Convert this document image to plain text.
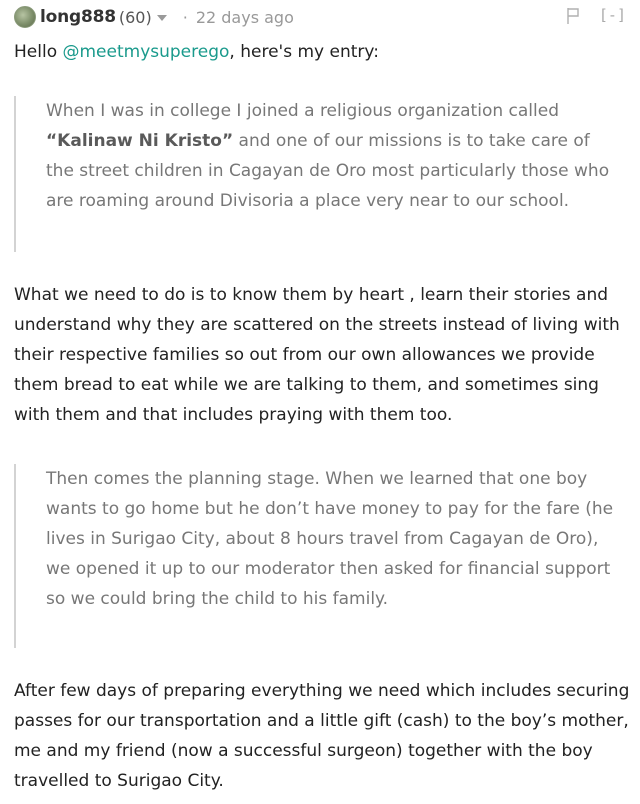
long888 (60) · 22 days ago	[-]

Hello @meetmysuperego, here's my entry:

When I was in college I joined a religious organization called “Kalinaw Ni Kristo” and one of our missions is to take care of the street children in Cagayan de Oro most particularly those who are roaming around Divisoria a place very near to our school.

What we need to do is to know them by heart , learn their stories and understand why they are scattered on the streets instead of living with their respective families so out from our own allowances we provide them bread to eat while we are talking to them, and sometimes sing with them and that includes praying with them too.

Then comes the planning stage. When we learned that one boy wants to go home but he don’t have money to pay for the fare (he lives in Surigao City, about 8 hours travel from Cagayan de Oro), we opened it up to our moderator then asked for financial support so we could bring the child to his family.

After few days of preparing everything we need which includes securing passes for our transportation and a little gift (cash) to the boy’s mother, me and my friend (now a successful surgeon) together with the boy travelled to Surigao City.
